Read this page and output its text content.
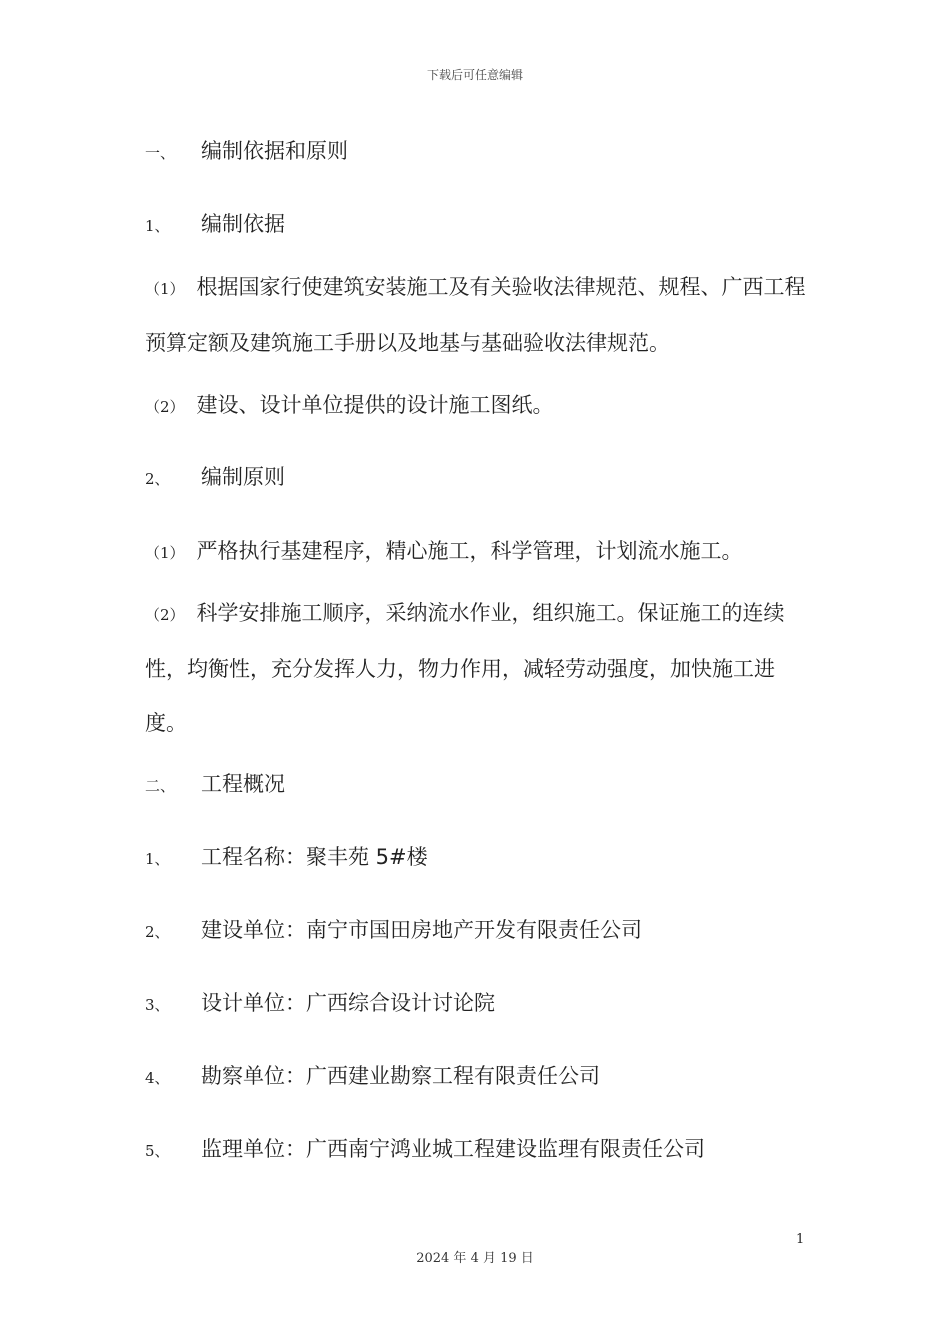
下载后可任意编辑
一、 编制依据和原则
1、 编制依据
（1） 根据国家行使建筑安装施工及有关验收法律规范、规程、广西工程预算定额及建筑施工手册以及地基与基础验收法律规范。
（2） 建设、设计单位提供的设计施工图纸。
2、 编制原则
（1） 严格执行基建程序，精心施工，科学管理，计划流水施工。
（2） 科学安排施工顺序，采纳流水作业，组织施工。保证施工的连续性，均衡性，充分发挥人力，物力作用，减轻劳动强度，加快施工进度。
二、 工程概况
1、 工程名称：聚丰苑 5#楼
2、 建设单位：南宁市国田房地产开发有限责任公司
3、 设计单位：广西综合设计讨论院
4、 勘察单位：广西建业勘察工程有限责任公司
5、 监理单位：广西南宁鸿业城工程建设监理有限责任公司
1
2024 年 4 月 19 日
